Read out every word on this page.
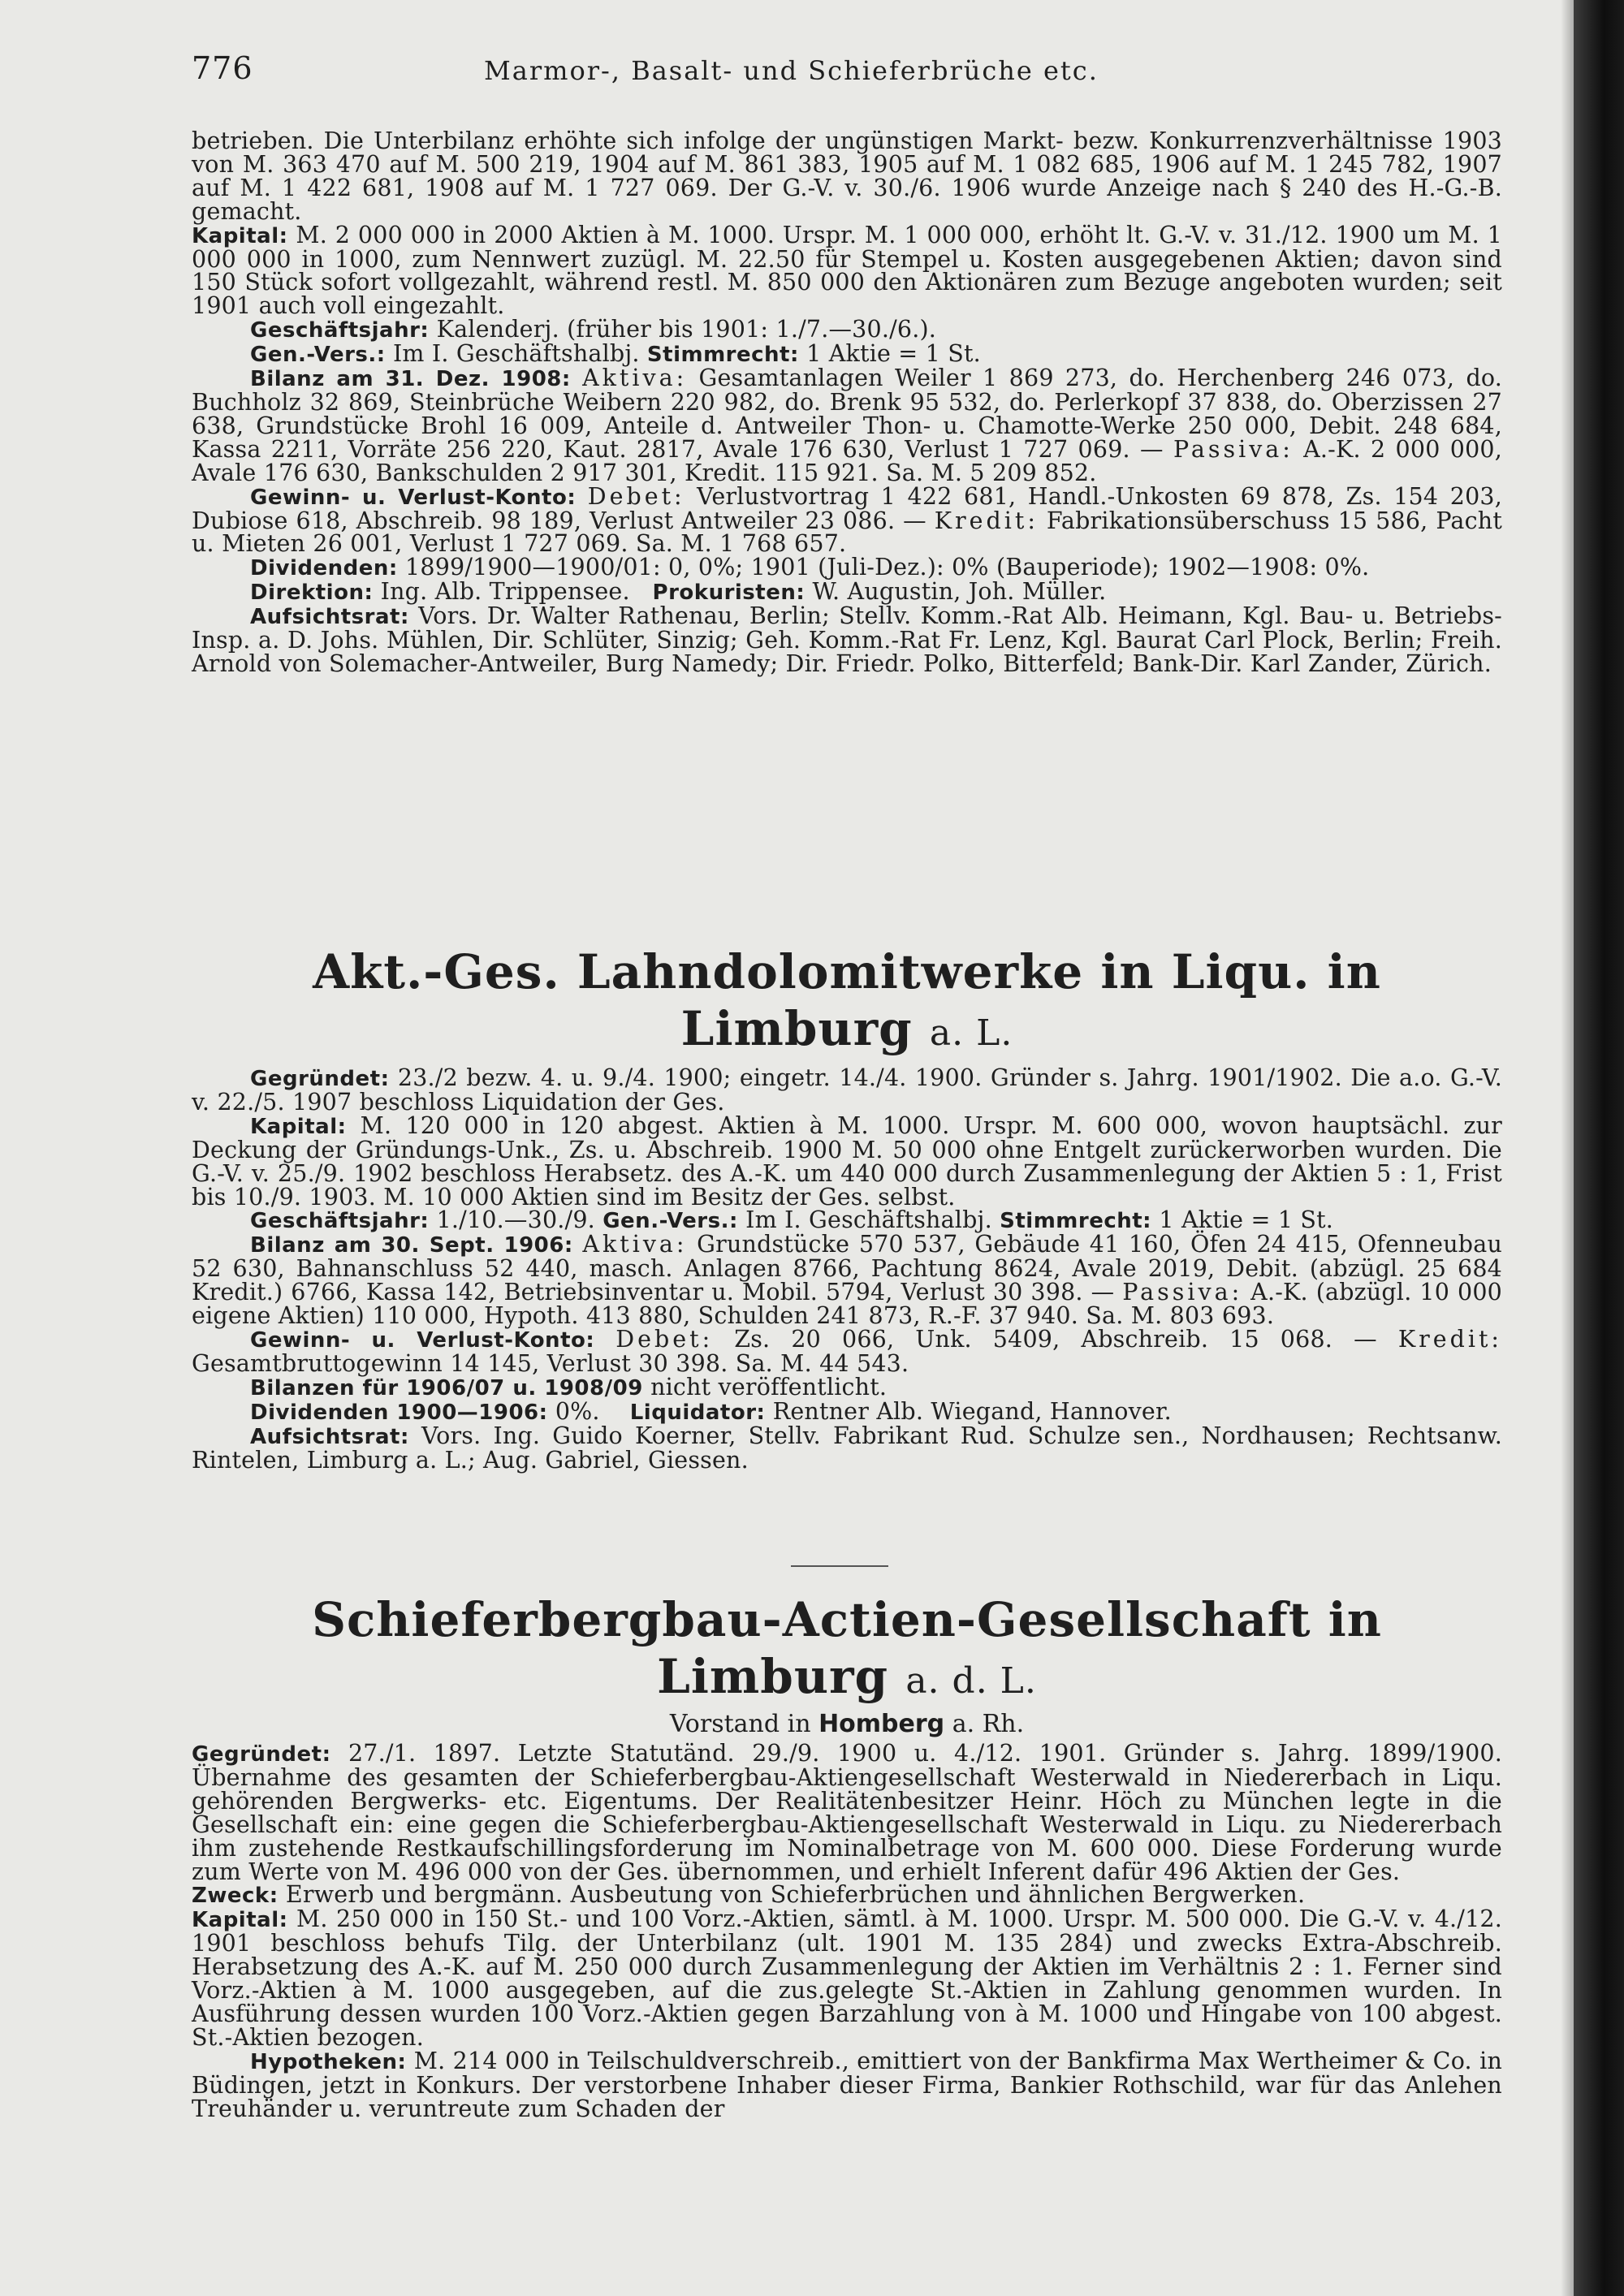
776	Marmor-, Basalt- und Schieferbrüche etc.

betrieben. Die Unterbilanz erhöhte sich infolge der ungünstigen Markt- bezw. Konkurrenzverhältnisse 1903 von M. 363 470 auf M. 500 219, 1904 auf M. 861 383, 1905 auf M. 1 082 685, 1906 auf M. 1 245 782, 1907 auf M. 1 422 681, 1908 auf M. 1 727 069. Der G.-V. v. 30./6. 1906 wurde Anzeige nach § 240 des H.-G.-B. gemacht.

Kapital: M. 2 000 000 in 2000 Aktien à M. 1000. Urspr. M. 1 000 000, erhöht lt. G.-V. v. 31./12. 1900 um M. 1 000 000 in 1000, zum Nennwert zuzügl. M. 22.50 für Stempel u. Kosten ausgegebenen Aktien; davon sind 150 Stück sofort vollgezahlt, während restl. M. 850 000 den Aktionären zum Bezuge angeboten wurden; seit 1901 auch voll eingezahlt.

Geschäftsjahr: Kalenderj. (früher bis 1901: 1./7.—30./6.).

Gen.-Vers.: Im I. Geschäftshalbj. Stimmrecht: 1 Aktie = 1 St.

Bilanz am 31. Dez. 1908: Aktiva: Gesamtanlagen Weiler 1 869 273, do. Herchenberg 246 073, do. Buchholz 32 869, Steinbrüche Weibern 220 982, do. Brenk 95 532, do. Perlerkopf 37 838, do. Oberzissen 27 638, Grundstücke Brohl 16 009, Anteile d. Antweiler Thon- u. Chamotte-Werke 250 000, Debit. 248 684, Kassa 2211, Vorräte 256 220, Kaut. 2817, Avale 176 630, Verlust 1 727 069. — Passiva: A.-K. 2 000 000, Avale 176 630, Bankschulden 2 917 301, Kredit. 115 921. Sa. M. 5 209 852.

Gewinn- u. Verlust-Konto: Debet: Verlustvortrag 1 422 681, Handl.-Unkosten 69 878, Zs. 154 203, Dubiose 618, Abschreib. 98 189, Verlust Antweiler 23 086. — Kredit: Fabrikationsüberschuss 15 586, Pacht u. Mieten 26 001, Verlust 1 727 069. Sa. M. 1 768 657.

Dividenden: 1899/1900—1900/01: 0, 0%; 1901 (Juli-Dez.): 0% (Bauperiode); 1902—1908: 0%.

Direktion: Ing. Alb. Trippensee. Prokuristen: W. Augustin, Joh. Müller.

Aufsichtsrat: Vors. Dr. Walter Rathenau, Berlin; Stellv. Komm.-Rat Alb. Heimann, Kgl. Bau- u. Betriebs-Insp. a. D. Johs. Mühlen, Dir. Schlüter, Sinzig; Geh. Komm.-Rat Fr. Lenz, Kgl. Baurat Carl Plock, Berlin; Freih. Arnold von Solemacher-Antweiler, Burg Namedy; Dir. Friedr. Polko, Bitterfeld; Bank-Dir. Karl Zander, Zürich.

Akt.-Ges. Lahndolomitwerke in Liqu. in Limburg a. L.

Gegründet: 23./2 bezw. 4. u. 9./4. 1900; eingetr. 14./4. 1900. Gründer s. Jahrg. 1901/1902. Die a.o. G.-V. v. 22./5. 1907 beschloss Liquidation der Ges.

Kapital: M. 120 000 in 120 abgest. Aktien à M. 1000. Urspr. M. 600 000, wovon hauptsächl. zur Deckung der Gründungs-Unk., Zs. u. Abschreib. 1900 M. 50 000 ohne Entgelt zurückerworben wurden. Die G.-V. v. 25./9. 1902 beschloss Herabsetz. des A.-K. um 440 000 durch Zusammenlegung der Aktien 5 : 1, Frist bis 10./9. 1903. M. 10 000 Aktien sind im Besitz der Ges. selbst.

Geschäftsjahr: 1./10.—30./9. Gen.-Vers.: Im I. Geschäftshalbj. Stimmrecht: 1 Aktie = 1 St.

Bilanz am 30. Sept. 1906: Aktiva: Grundstücke 570 537, Gebäude 41 160, Öfen 24 415, Ofenneubau 52 630, Bahnanschluss 52 440, masch. Anlagen 8766, Pachtung 8624, Avale 2019, Debit. (abzügl. 25 684 Kredit.) 6766, Kassa 142, Betriebsinventar u. Mobil. 5794, Verlust 30 398. — Passiva: A.-K. (abzügl. 10 000 eigene Aktien) 110 000, Hypoth. 413 880, Schulden 241 873, R.-F. 37 940. Sa. M. 803 693.

Gewinn- u. Verlust-Konto: Debet: Zs. 20 066, Unk. 5409, Abschreib. 15 068. — Kredit: Gesamtbruttogewinn 14 145, Verlust 30 398. Sa. M. 44 543.

Bilanzen für 1906/07 u. 1908/09 nicht veröffentlicht.

Dividenden 1900—1906: 0%. Liquidator: Rentner Alb. Wiegand, Hannover.

Aufsichtsrat: Vors. Ing. Guido Koerner, Stellv. Fabrikant Rud. Schulze sen., Nordhausen; Rechtsanw. Rintelen, Limburg a. L.; Aug. Gabriel, Giessen.

Schieferbergbau-Actien-Gesellschaft in Limburg a. d. L.

Vorstand in Homberg a. Rh.

Gegründet: 27./1. 1897. Letzte Statutänd. 29./9. 1900 u. 4./12. 1901. Gründer s. Jahrg. 1899/1900. Übernahme des gesamten der Schieferbergbau-Aktiengesellschaft Westerwald in Niedererbach in Liqu. gehörenden Bergwerks- etc. Eigentums. Der Realitätenbesitzer Heinr. Höch zu München legte in die Gesellschaft ein: eine gegen die Schieferbergbau-Aktiengesellschaft Westerwald in Liqu. zu Niedererbach ihm zustehende Restkaufschillingsforderung im Nominalbetrage von M. 600 000. Diese Forderung wurde zum Werte von M. 496 000 von der Ges. übernommen, und erhielt Inferent dafür 496 Aktien der Ges.

Zweck: Erwerb und bergmänn. Ausbeutung von Schieferbrüchen und ähnlichen Bergwerken.

Kapital: M. 250 000 in 150 St.- und 100 Vorz.-Aktien, sämtl. à M. 1000. Urspr. M. 500 000. Die G.-V. v. 4./12. 1901 beschloss behufs Tilg. der Unterbilanz (ult. 1901 M. 135 284) und zwecks Extra-Abschreib. Herabsetzung des A.-K. auf M. 250 000 durch Zusammenlegung der Aktien im Verhältnis 2 : 1. Ferner sind Vorz.-Aktien à M. 1000 ausgegeben, auf die zus.gelegte St.-Aktien in Zahlung genommen wurden. In Ausführung dessen wurden 100 Vorz.-Aktien gegen Barzahlung von à M. 1000 und Hingabe von 100 abgest. St.-Aktien bezogen.

Hypotheken: M. 214 000 in Teilschuldverschreib., emittiert von der Bankfirma Max Wertheimer & Co. in Büdingen, jetzt in Konkurs. Der verstorbene Inhaber dieser Firma, Bankier Rothschild, war für das Anlehen Treuhänder u. veruntreute zum Schaden der
